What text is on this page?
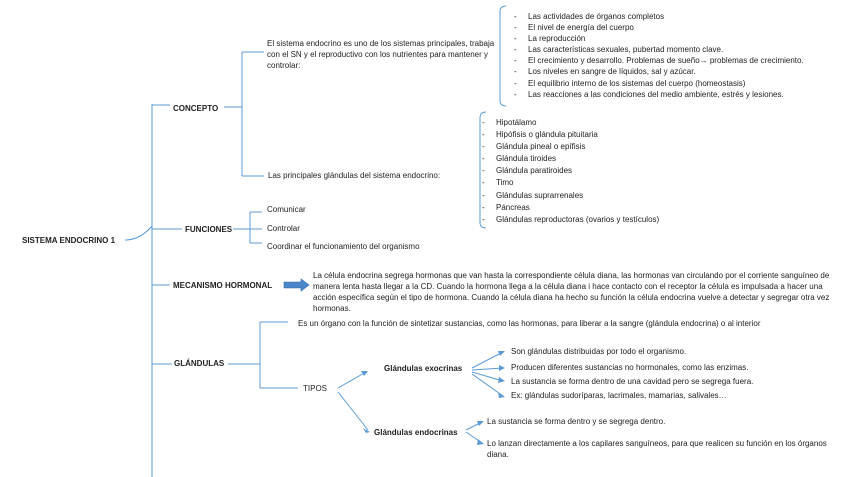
SISTEMA ENDOCRINO 1
CONCEPTO
El sistema endocrino es uno de los sistemas principales, trabaja con el SN y el reproductivo con los nutrientes para mantener y controlar:
- Las actividades de órganos completos
- El nivel de energía del cuerpo
- La reproducción
- Las características sexuales, pubertad momento clave.
- El crecimiento y desarrollo. Problemas de sueño→ problemas de crecimiento.
- Los niveles en sangre de líquidos, sal y azúcar.
- El equilibrio interno de los sistemas del cuerpo (homeostasis)
- Las reacciones a las condiciones del medio ambiente, estrés y lesiones.
Las principales glándulas del sistema endocrino:
- Hipotálamo
- Hipófisis o glándula pituitaria
- Glándula pineal o epífisis
- Glándula tiroides
- Glándula paratiroides
- Timo
- Glándulas suprarrenales
- Páncreas
- Glándulas reproductoras (ovarios y testículos)
FUNCIONES
Comunicar
Controlar
Coordinar el funcionamiento del organismo
MECANISMO HORMONAL
La célula endocrina segrega hormonas que van hasta la correspondiente célula diana, las hormonas van circulando por el corriente sanguíneo de manera lenta hasta llegar a la CD. Cuando la hormona llega a la célula diana i hace contacto con el receptor la célula es impulsada a hacer una acción específica según el tipo de hormona. Cuando la célula diana ha hecho su función la célula endocrina vuelve a detectar y segregar otra vez hormonas.
GLÁNDULAS
Es un órgano con la función de sintetizar sustancias, como las hormonas, para liberar a la sangre (glándula endocrina) o al interior
TIPOS
Glándulas exocrinas
Son glándulas distribuidas por todo el organismo.
Producen diferentes sustancias no hormonales, como las enzimas.
La sustancia se forma dentro de una cavidad pero se segrega fuera.
Ex: glándulas sudoríparas, lacrimales, mamarias, salivales…
Glándulas endocrinas
La sustancia se forma dentro y se segrega dentro.
Lo lanzan directamente a los capilares sanguíneos, para que realicen su función en los órganos diana.
